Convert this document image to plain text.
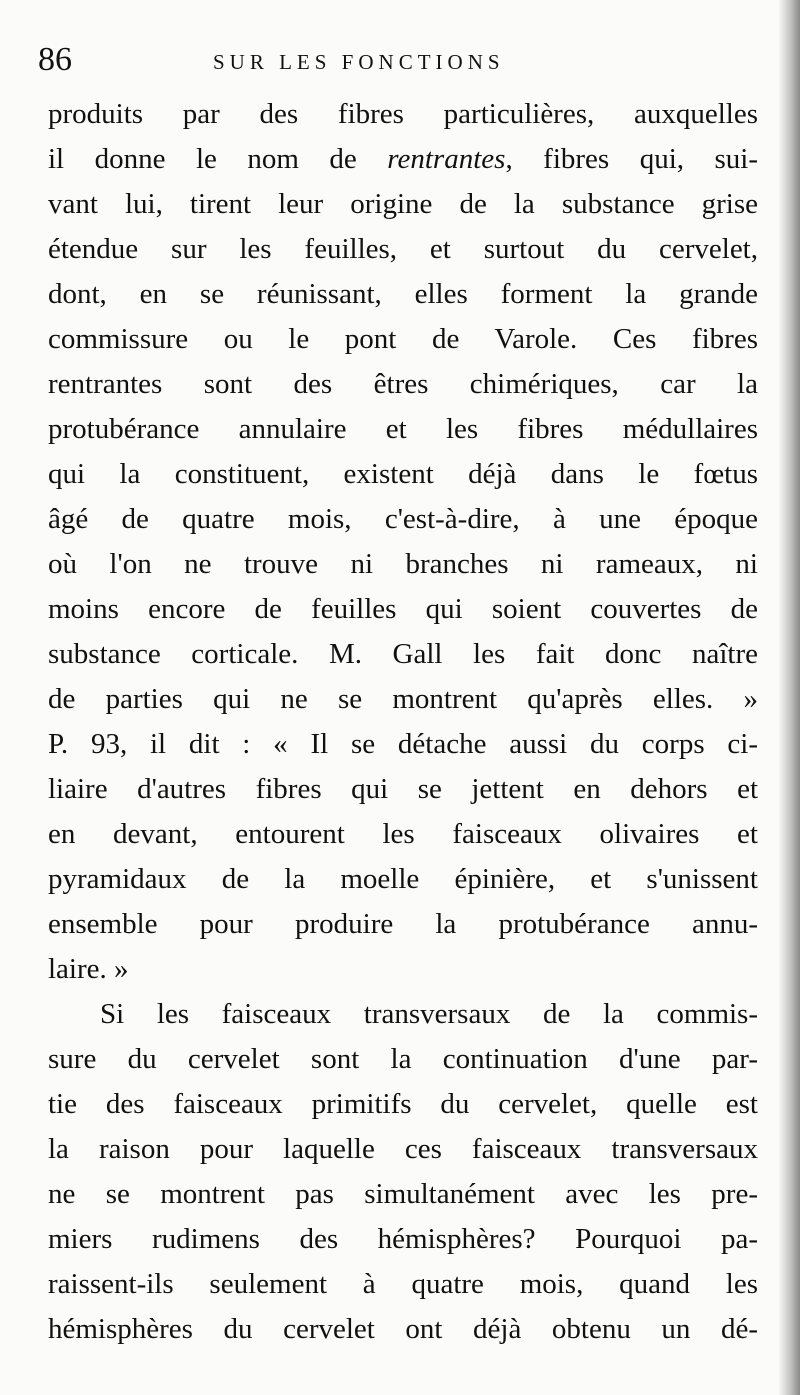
86	SUR LES FONCTIONS
produits par des fibres particulières, auxquelles
il donne le nom de rentrantes, fibres qui, sui-
vant lui, tirent leur origine de la substance grise
étendue sur les feuilles, et surtout du cervelet,
dont, en se réunissant, elles forment la grande
commissure ou le pont de Varole. Ces fibres
rentrantes sont des êtres chimériques, car la
protubérance annulaire et les fibres médullaires
qui la constituent, existent déjà dans le fœtus
âgé de quatre mois, c'est-à-dire, à une époque
où l'on ne trouve ni branches ni rameaux, ni
moins encore de feuilles qui soient couvertes de
substance corticale. M. Gall les fait donc naître
de parties qui ne se montrent qu'après elles. »
P. 93, il dit : « Il se détache aussi du corps ci-
liaire d'autres fibres qui se jettent en dehors et
en devant, entourent les faisceaux olivaires et
pyramidaux de la moelle épinière, et s'unissent
ensemble pour produire la protubérance annu-
laire. »
Si les faisceaux transversaux de la commis-
sure du cervelet sont la continuation d'une par-
tie des faisceaux primitifs du cervelet, quelle est
la raison pour laquelle ces faisceaux transversaux
ne se montrent pas simultanément avec les pre-
miers rudimens des hémisphères? Pourquoi pa-
raissent-ils seulement à quatre mois, quand les
hémisphères du cervelet ont déjà obtenu un dé-
